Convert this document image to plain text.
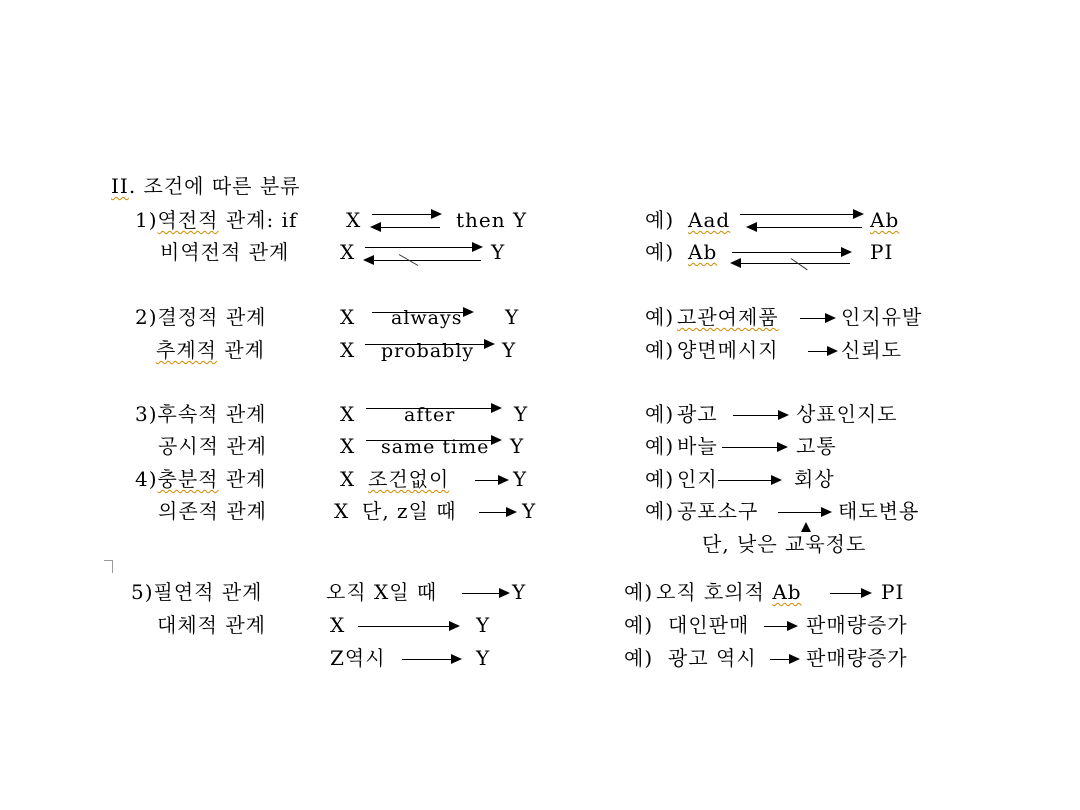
II. 조건에 따른 분류
1)역전적 관계: if X	then Y	예) Aad	Ab
비역전적 관계	X	Y	예) Ab	PI
2)결정적 관계	X always Y	예) 고관여제품	인지유발
추계적 관계	X probably Y	예) 양면메시지	신뢰도
3)후속적 관계	X	after	Y	예) 광고	상표인지도
공시적 관계	X same time Y	예) 바늘	고통
4)충분적 관계	X 조건없이	Y	예) 인지	회상
의존적 관계	X 단, z일 때	Y	예) 공포소구	태도변용
단, 낮은 교육정도
5)필연적 관계	오직 X일 때	Y	예) 오직 호의적 Ab	PI
대체적 관계	X	Y	예) 대인판매	판매량증가
Z역시	Y	예) 광고 역시 판매량증가
